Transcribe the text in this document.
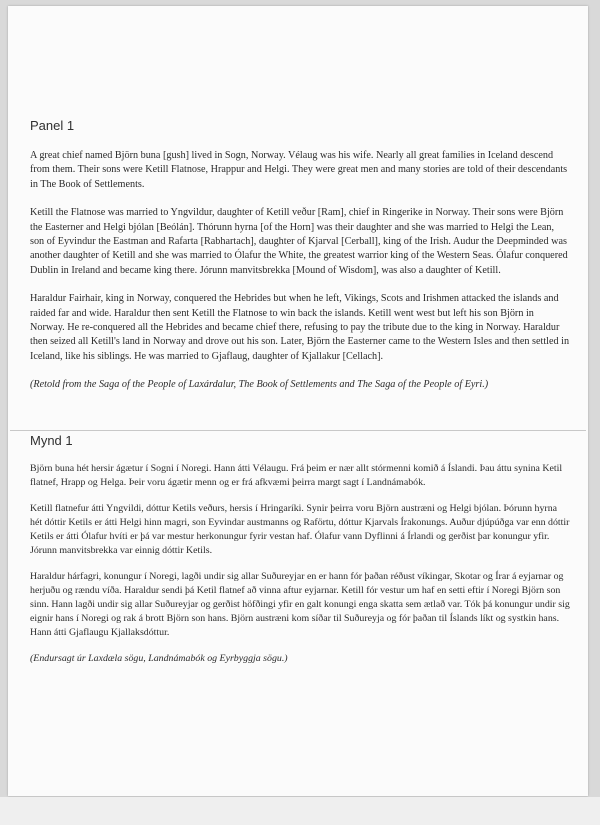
Panel 1

A great chief named Björn buna [gush] lived in Sogn, Norway. Vélaug was his wife. Nearly all great families in Iceland descend from them. Their sons were Ketill Flatnose, Hrappur and Helgi. They were great men and many stories are told of their descendants in The Book of Settlements.

Ketill the Flatnose was married to Yngvildur, daughter of Ketill veður [Ram], chief in Ringerike in Norway. Their sons were Björn the Easterner and Helgi bjólan [Beólán]. Thórunn hyrna [of the Horn] was their daughter and she was married to Helgi the Lean, son of Eyvindur the Eastman and Rafarta [Rabhartach], daughter of Kjarval [Cerball], king of the Irish. Audur the Deepminded was another daughter of Ketill and she was married to Ólafur the White, the greatest warrior king of the Western Seas. Ólafur conquered Dublin in Ireland and became king there. Jórunn manvitsbrekka [Mound of Wisdom], was also a daughter of Ketill.

Haraldur Fairhair, king in Norway, conquered the Hebrides but when he left, Vikings, Scots and Irishmen attacked the islands and raided far and wide. Haraldur then sent Ketill the Flatnose to win back the islands. Ketill went west but left his son Björn in Norway. He re-conquered all the Hebrides and became chief there, refusing to pay the tribute due to the king in Norway. Haraldur then seized all Ketill's land in Norway and drove out his son. Later, Björn the Easterner came to the Western Isles and then settled in Iceland, like his siblings. He was married to Gjaflaug, daughter of Kjallakur [Cellach].

(Retold from the Saga of the People of Laxárdalur, The Book of Settlements and The Saga of the People of Eyri.)

Mynd 1

Björn buna hét hersir ágætur í Sogni í Noregi. Hann átti Vélaugu. Frá þeim er nær allt stórmenni komið á Íslandi. Þau áttu synina Ketil flatnef, Hrapp og Helga. Þeir voru ágætir menn og er frá afkvæmi þeirra margt sagt í Landnámabók.

Ketill flatnefur átti Yngvildi, dóttur Ketils veðurs, hersis í Hringaríki. Synir þeirra voru Björn austræni og Helgi bjólan. Þórunn hyrna hét dóttir Ketils er átti Helgi hinn magri, son Eyvindar austmanns og Raförtu, dóttur Kjarvals Írakonungs. Auður djúpúðga var enn dóttir Ketils er átti Ólafur hvíti er þá var mestur herkonungur fyrir vestan haf. Ólafur vann Dyflinni á Írlandi og gerðist þar konungur yfir. Jórunn manvitsbrekka var einnig dóttir Ketils.

Haraldur hárfagri, konungur í Noregi, lagði undir sig allar Suðureyjar en er hann fór þaðan réðust víkingar, Skotar og Írar á eyjarnar og herjuðu og rændu víða. Haraldur sendi þá Ketil flatnef að vinna aftur eyjarnar. Ketill fór vestur um haf en setti eftir í Noregi Björn son sinn. Hann lagði undir sig allar Suðureyjar og gerðist höfðingi yfir en galt konungi enga skatta sem ætlað var. Tók þá konungur undir sig eignir hans í Noregi og rak á brott Björn son hans. Björn austræni kom síðar til Suðureyja og fór þaðan til Íslands líkt og systkin hans. Hann átti Gjaflaugu Kjallaksdóttur.

(Endursagt úr Laxdæla sögu, Landnámabók og Eyrbyggja sögu.)
